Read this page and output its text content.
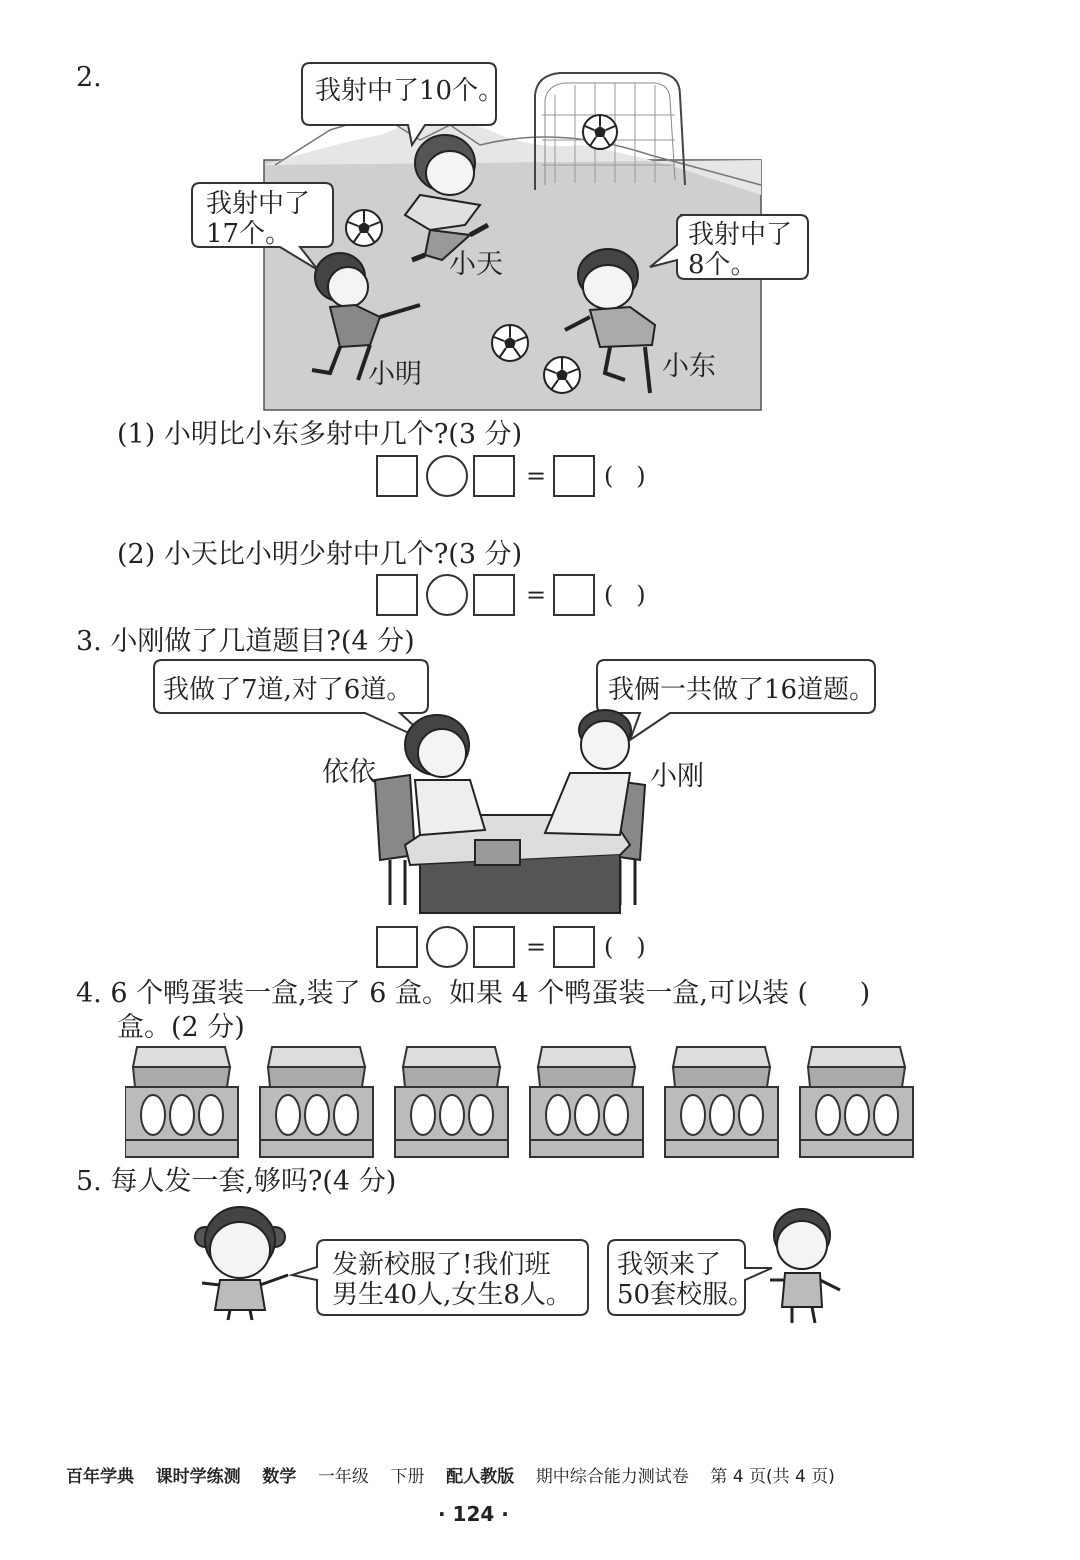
2.	我射中了10个。
我射中了
17个。	我射中了
8个。
小天
小明	小东
(1) 小明比小东多射中几个?(3 分)
= (   )
(2) 小天比小明少射中几个?(3 分)
= (   )
3. 小刚做了几道题目?(4 分)
我做了7道,对了6道。	我俩一共做了16道题。
依依	小刚
= (   )
4. 6 个鸭蛋装一盒,装了 6 盒。如果 4 个鸭蛋装一盒,可以装 (      )
盒。(2 分)
5. 每人发一套,够吗?(4 分)
发新校服了!我们班
男生40人,女生8人。
我领来了
50套校服。
百年学典 课时学练测 数学 一年级 下册 配人教版 期中综合能力测试卷 第 4 页(共 4 页)
· 124 ·
